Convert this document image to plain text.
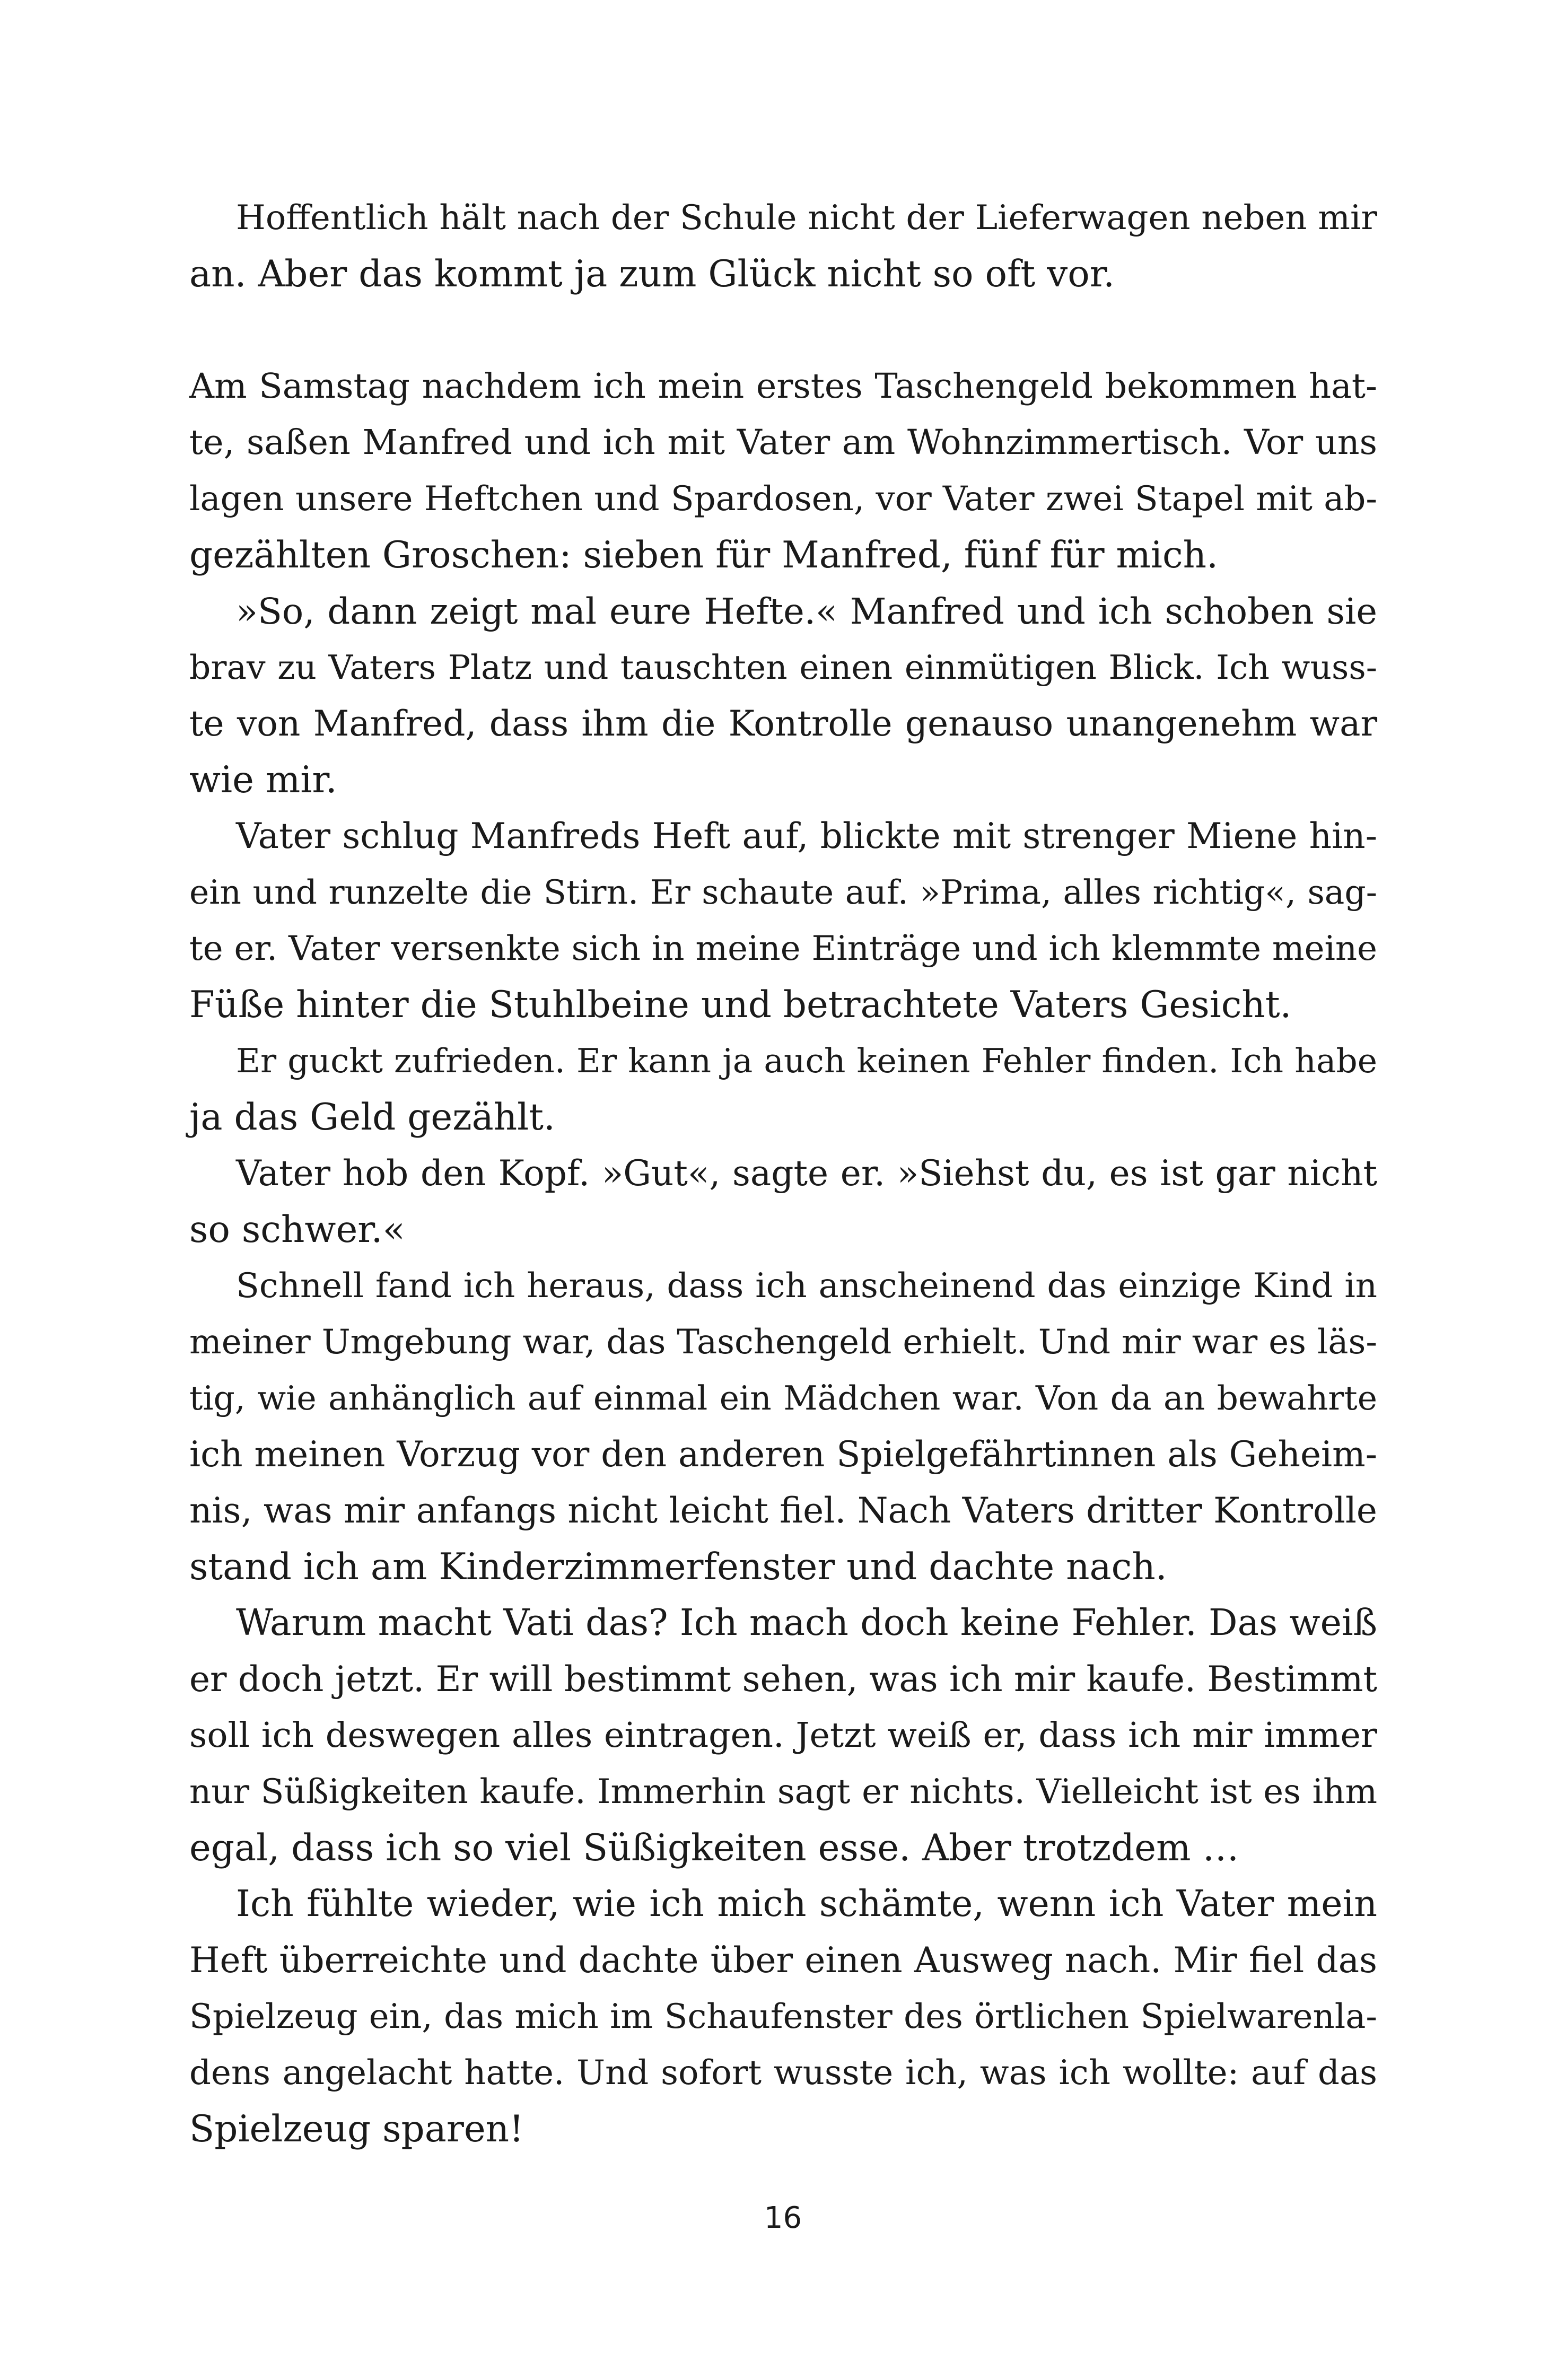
Hoffentlich hält nach der Schule nicht der Lieferwagen neben mir
an. Aber das kommt ja zum Glück nicht so oft vor.
Am Samstag nachdem ich mein erstes Taschengeld bekommen hat-
te, saßen Manfred und ich mit Vater am Wohnzimmertisch. Vor uns
lagen unsere Heftchen und Spardosen, vor Vater zwei Stapel mit ab-
gezählten Groschen: sieben für Manfred, fünf für mich.
»So, dann zeigt mal eure Hefte.« Manfred und ich schoben sie
brav zu Vaters Platz und tauschten einen einmütigen Blick. Ich wuss-
te von Manfred, dass ihm die Kontrolle genauso unangenehm war
wie mir.
Vater schlug Manfreds Heft auf, blickte mit strenger Miene hin-
ein und runzelte die Stirn. Er schaute auf. »Prima, alles richtig«, sag-
te er. Vater versenkte sich in meine Einträge und ich klemmte meine
Füße hinter die Stuhlbeine und betrachtete Vaters Gesicht.
Er guckt zufrieden. Er kann ja auch keinen Fehler finden. Ich habe
ja das Geld gezählt.
Vater hob den Kopf. »Gut«, sagte er. »Siehst du, es ist gar nicht
so schwer.«
Schnell fand ich heraus, dass ich anscheinend das einzige Kind in
meiner Umgebung war, das Taschengeld erhielt. Und mir war es läs-
tig, wie anhänglich auf einmal ein Mädchen war. Von da an bewahrte
ich meinen Vorzug vor den anderen Spielgefährtinnen als Geheim-
nis, was mir anfangs nicht leicht fiel. Nach Vaters dritter Kontrolle
stand ich am Kinderzimmerfenster und dachte nach.
Warum macht Vati das? Ich mach doch keine Fehler. Das weiß
er doch jetzt. Er will bestimmt sehen, was ich mir kaufe. Bestimmt
soll ich deswegen alles eintragen. Jetzt weiß er, dass ich mir immer
nur Süßigkeiten kaufe. Immerhin sagt er nichts. Vielleicht ist es ihm
egal, dass ich so viel Süßigkeiten esse. Aber trotzdem …
Ich fühlte wieder, wie ich mich schämte, wenn ich Vater mein
Heft überreichte und dachte über einen Ausweg nach. Mir fiel das
Spielzeug ein, das mich im Schaufenster des örtlichen Spielwarenla-
dens angelacht hatte. Und sofort wusste ich, was ich wollte: auf das
Spielzeug sparen!
16
